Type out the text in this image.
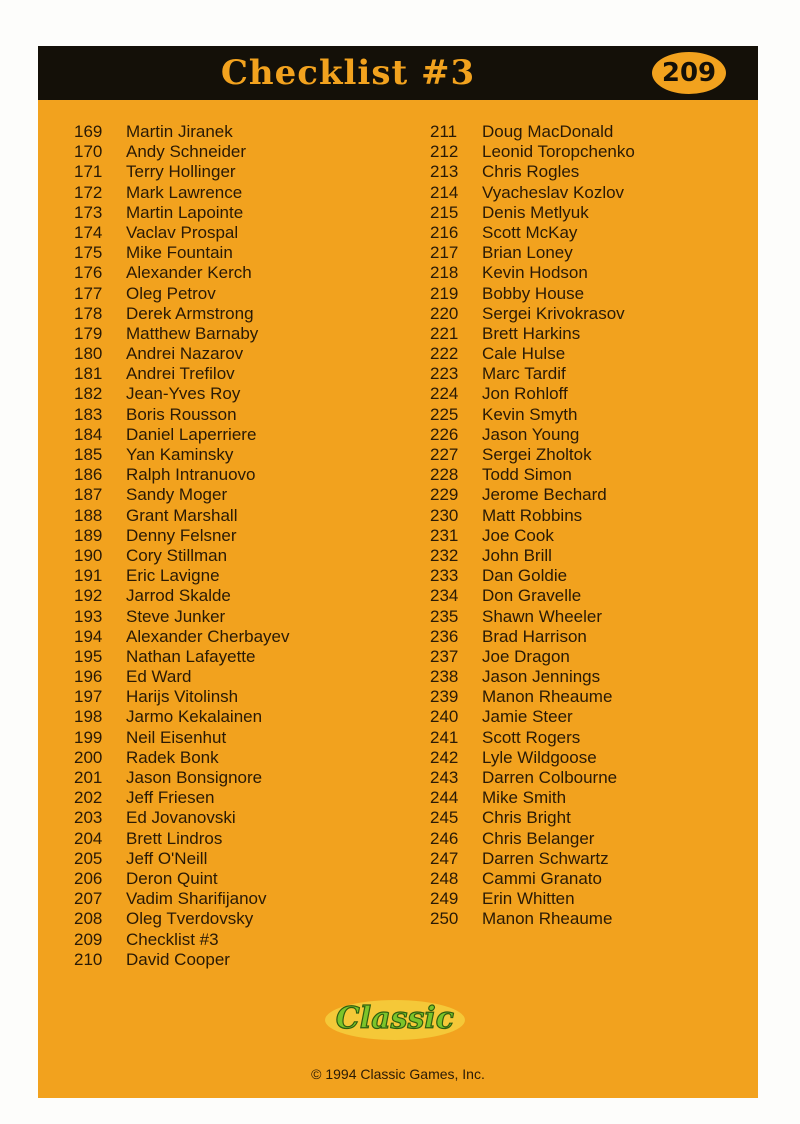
Checklist #3	209
169	Martin Jiranek
170	Andy Schneider
171	Terry Hollinger
172	Mark Lawrence
173	Martin Lapointe
174	Vaclav Prospal
175	Mike Fountain
176	Alexander Kerch
177	Oleg Petrov
178	Derek Armstrong
179	Matthew Barnaby
180	Andrei Nazarov
181	Andrei Trefilov
182	Jean-Yves Roy
183	Boris Rousson
184	Daniel Laperriere
185	Yan Kaminsky
186	Ralph Intranuovo
187	Sandy Moger
188	Grant Marshall
189	Denny Felsner
190	Cory Stillman
191	Eric Lavigne
192	Jarrod Skalde
193	Steve Junker
194	Alexander Cherbayev
195	Nathan Lafayette
196	Ed Ward
197	Harijs Vitolinsh
198	Jarmo Kekalainen
199	Neil Eisenhut
200	Radek Bonk
201	Jason Bonsignore
202	Jeff Friesen
203	Ed Jovanovski
204	Brett Lindros
205	Jeff O'Neill
206	Deron Quint
207	Vadim Sharifijanov
208	Oleg Tverdovsky
209	Checklist #3
210	David Cooper
211	Doug MacDonald
212	Leonid Toropchenko
213	Chris Rogles
214	Vyacheslav Kozlov
215	Denis Metlyuk
216	Scott McKay
217	Brian Loney
218	Kevin Hodson
219	Bobby House
220	Sergei Krivokrasov
221	Brett Harkins
222	Cale Hulse
223	Marc Tardif
224	Jon Rohloff
225	Kevin Smyth
226	Jason Young
227	Sergei Zholtok
228	Todd Simon
229	Jerome Bechard
230	Matt Robbins
231	Joe Cook
232	John Brill
233	Dan Goldie
234	Don Gravelle
235	Shawn Wheeler
236	Brad Harrison
237	Joe Dragon
238	Jason Jennings
239	Manon Rheaume
240	Jamie Steer
241	Scott Rogers
242	Lyle Wildgoose
243	Darren Colbourne
244	Mike Smith
245	Chris Bright
246	Chris Belanger
247	Darren Schwartz
248	Cammi Granato
249	Erin Whitten
250	Manon Rheaume
Classic
© 1994 Classic Games, Inc.
